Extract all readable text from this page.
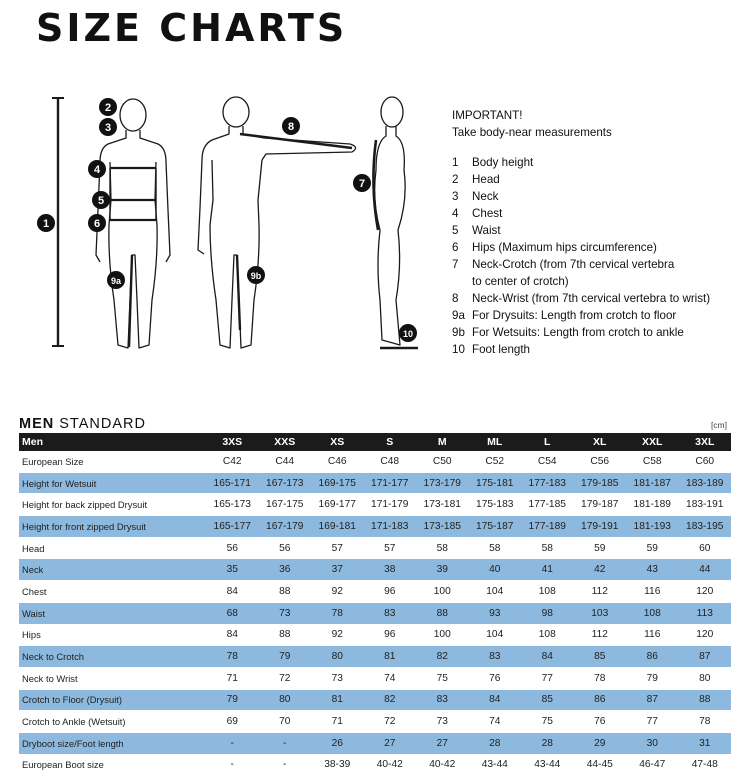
SIZE CHARTS
1
2
3
4
5
6
7
8
9a	9b
10

IMPORTANT!

Take body-near measurements

1	Body height
2	Head
3	Neck
4	Chest
5	Waist
6	Hips (Maximum hips circumference)
7	Neck-Crotch (from 7th cervical vertebra
to center of crotch)
8	Neck-Wrist (from 7th cervical vertebra to wrist)
9a For Drysuits: Length from crotch to floor
9b For Wetsuits: Length from crotch to ankle
10 Foot length
MEN STANDARD	[cm]
Men	3XS	XXS	XS	S	M	ML	L	XL	XXL	3XL
European Size	C42	C44	C46	C48	C50	C52	C54	C56	C58	C60
Height for Wetsuit	165-171	167-173	169-175	171-177	173-179	175-181	177-183	179-185	181-187	183-189
Height for back zipped Drysuit	165-173	167-175	169-177	171-179	173-181	175-183	177-185	179-187	181-189	183-191
Height for front zipped Drysuit	165-177	167-179	169-181	171-183	173-185	175-187	177-189	179-191	181-193	183-195
Head	56	56	57	57	58	58	58	59	59	60
Neck	35	36	37	38	39	40	41	42	43	44
Chest	84	88	92	96	100	104	108	112	116	120
Waist	68	73	78	83	88	93	98	103	108	113
Hips	84	88	92	96	100	104	108	112	116	120
Neck to Crotch	78	79	80	81	82	83	84	85	86	87
Neck to Wrist	71	72	73	74	75	76	77	78	79	80
Crotch to Floor (Drysuit)	79	80	81	82	83	84	85	86	87	88
Crotch to Ankle (Wetsuit)	69	70	71	72	73	74	75	76	77	78
Dryboot size/Foot length	-	-	26	27	27	28	28	29	30	31
European Boot size	-	-	38-39	40-42	40-42	43-44	43-44	44-45	46-47	47-48
